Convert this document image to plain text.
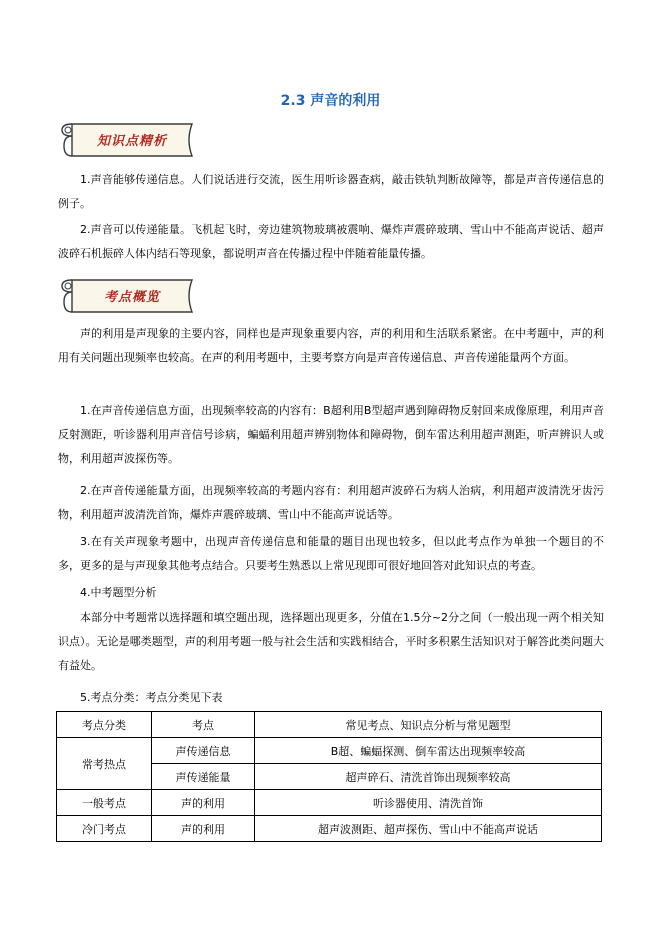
2.3 声音的利用
知识点精析

1.声音能够传递信息。人们说话进行交流，医生用听诊器查病，敲击铁轨判断故障等，都是声音传递信息的例子。

2.声音可以传递能量。飞机起飞时，旁边建筑物玻璃被震响、爆炸声震碎玻璃、雪山中不能高声说话、超声波碎石机振碎人体内结石等现象，都说明声音在传播过程中伴随着能量传播。

考点概览

声的利用是声现象的主要内容，同样也是声现象重要内容，声的利用和生活联系紧密。在中考题中，声的利用有关问题出现频率也较高。在声的利用考题中，主要考察方向是声音传递信息、声音传递能量两个方面。

1.在声音传递信息方面，出现频率较高的内容有：B超利用B型超声遇到障碍物反射回来成像原理，利用声音反射测距，听诊器利用声音信号诊病，蝙蝠利用超声辨别物体和障碍物，倒车雷达利用超声测距，听声辨识人或物，利用超声波探伤等。

2.在声音传递能量方面，出现频率较高的考题内容有：利用超声波碎石为病人治病，利用超声波清洗牙齿污物，利用超声波清洗首饰，爆炸声震碎玻璃、雪山中不能高声说话等。

3.在有关声现象考题中，出现声音传递信息和能量的题目出现也较多，但以此考点作为单独一个题目的不多，更多的是与声现象其他考点结合。只要考生熟悉以上常见现即可很好地回答对此知识点的考查。

4.中考题型分析

本部分中考题常以选择题和填空题出现，选择题出现更多，分值在1.5分~2分之间（一般出现一两个相关知识点）。无论是哪类题型，声的利用考题一般与社会生活和实践相结合，平时多积累生活知识对于解答此类问题大有益处。

5.考点分类：考点分类见下表

考点分类	考点	常见考点、知识点分析与常见题型
常考热点	声传递信息	B超、蝙蝠探测、倒车雷达出现频率较高
	声传递能量	超声碎石、清洗首饰出现频率较高
一般考点	声的利用	听诊器使用、清洗首饰
冷门考点	声的利用	超声波测距、超声探伤、雪山中不能高声说话
